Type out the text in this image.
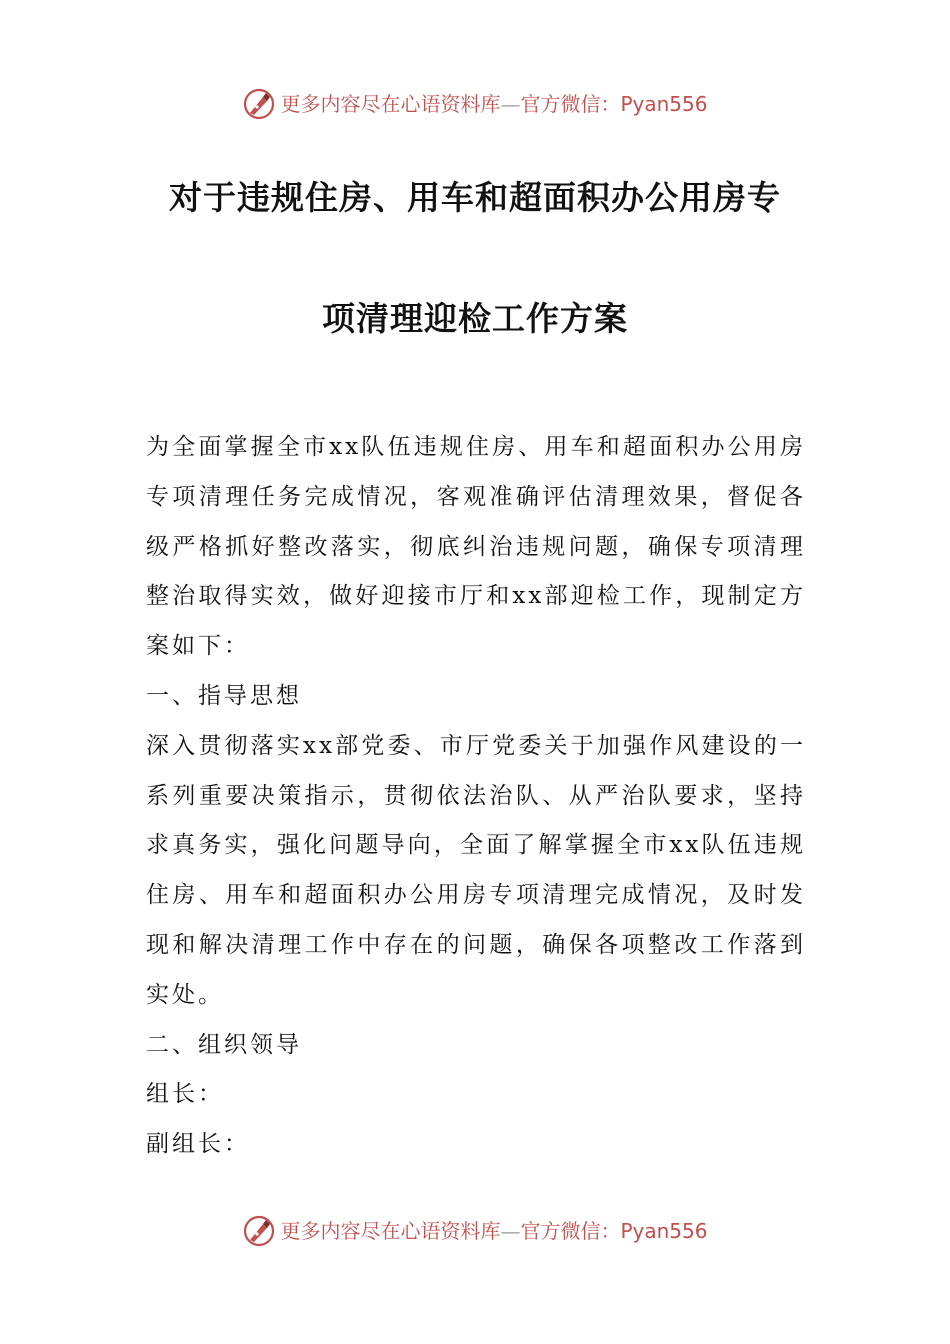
更多内容尽在心语资料库 — 官方微信：Pyan556
对于违规住房、用车和超面积办公用房专
项清理迎检工作方案

为全面掌握全市xx队伍违规住房、用车和超面积办公用房专项清理任务完成情况，客观准确评估清理效果，督促各级严格抓好整改落实，彻底纠治违规问题，确保专项清理整治取得实效，做好迎接市厅和xx部迎检工作，现制定方案如下：

一、指导思想

深入贯彻落实xx部党委、市厅党委关于加强作风建设的一系列重要决策指示，贯彻依法治队、从严治队要求，坚持求真务实，强化问题导向，全面了解掌握全市xx队伍违规住房、用车和超面积办公用房专项清理完成情况，及时发现和解决清理工作中存在的问题，确保各项整改工作落到实处。

二、组织领导

组长：

副组长：

更多内容尽在心语资料库 — 官方微信：Pyan556
